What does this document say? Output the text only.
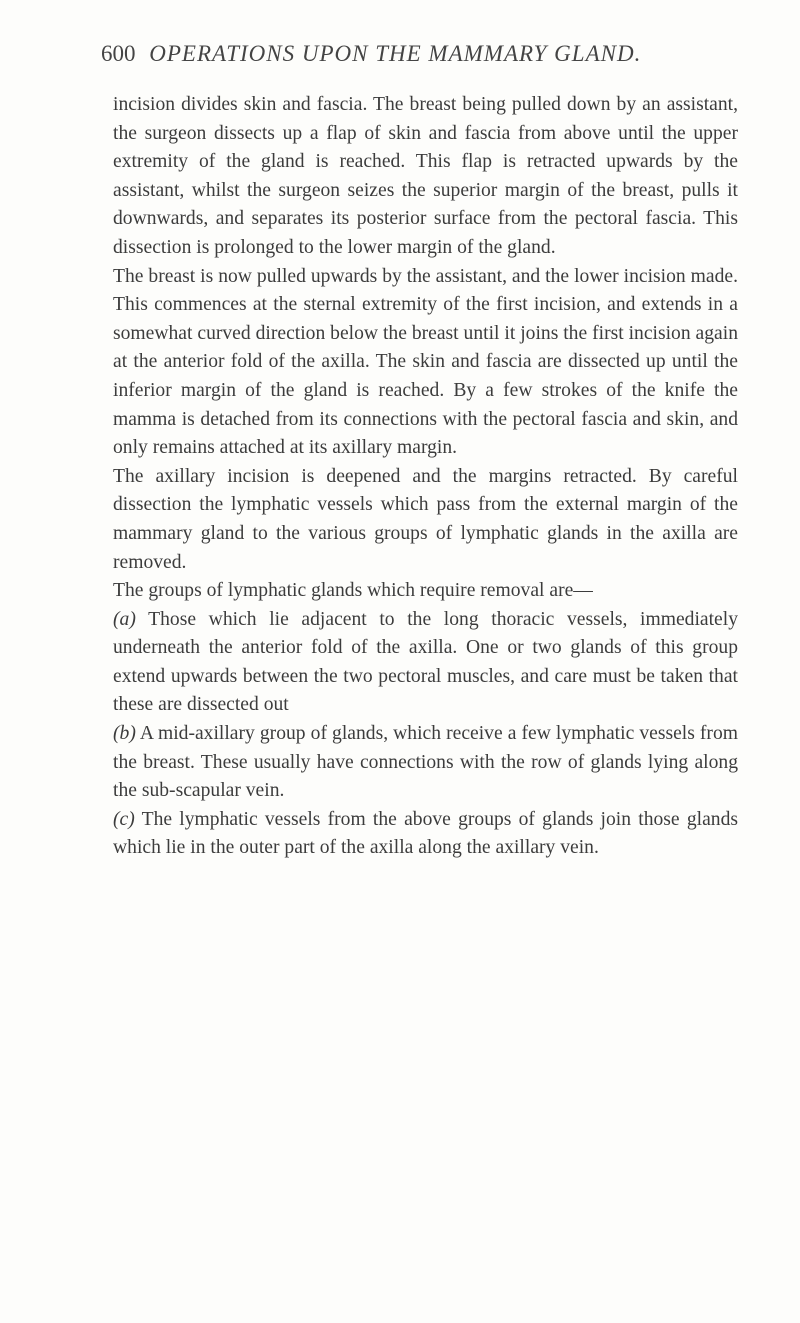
600 OPERATIONS UPON THE MAMMARY GLAND.

incision divides skin and fascia. The breast being pulled down by an assistant, the surgeon dissects up a flap of skin and fascia from above until the upper extremity of the gland is reached. This flap is retracted upwards by the assistant, whilst the surgeon seizes the superior margin of the breast, pulls it downwards, and separates its posterior surface from the pectoral fascia. This dissection is prolonged to the lower margin of the gland.

The breast is now pulled upwards by the assistant, and the lower incision made. This commences at the sternal extremity of the first incision, and extends in a somewhat curved direction below the breast until it joins the first incision again at the anterior fold of the axilla. The skin and fascia are dissected up until the inferior margin of the gland is reached. By a few strokes of the knife the mamma is detached from its connections with the pectoral fascia and skin, and only remains attached at its axillary margin.

The axillary incision is deepened and the margins retracted. By careful dissection the lymphatic vessels which pass from the external margin of the mammary gland to the various groups of lymphatic glands in the axilla are removed.

The groups of lymphatic glands which require removal are—

(a) Those which lie adjacent to the long thoracic vessels, immediately underneath the anterior fold of the axilla. One or two glands of this group extend upwards between the two pectoral muscles, and care must be taken that these are dissected out

(b) A mid-axillary group of glands, which receive a few lymphatic vessels from the breast. These usually have connections with the row of glands lying along the sub-scapular vein.

(c) The lymphatic vessels from the above groups of glands join those glands which lie in the outer part of the axilla along the axillary vein.
